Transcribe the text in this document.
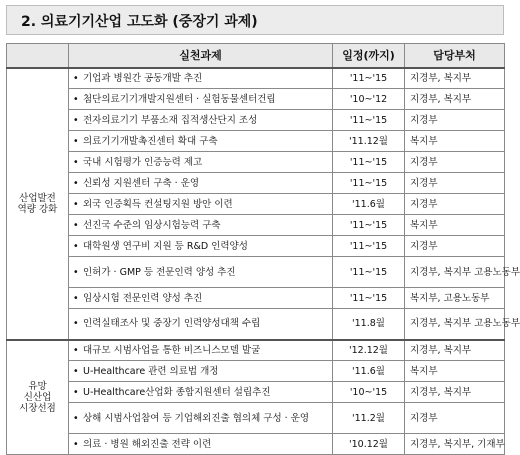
2. 의료기기산업 고도화 (중장기 과제)
	실천과제	일정(까지)	담당부처

산업발전
역량 강화	• 기업과 병원간 공동개발 추진	'11~'15	지경부, 복지부
	• 첨단의료기기개발지원센터 · 실험동물센터건립	'10~'12	지경부, 복지부
	• 전자의료기기 부품소재 집적생산단지 조성	'11~'15	지경부
	• 의료기기개발촉진센터 확대 구축	'11.12월	복지부
	• 국내 시험평가 인증능력 제고	'11~'15	지경부
	• 신뢰성 지원센터 구축 · 운영	'11~'15	지경부
	• 외국 인증획득 컨설팅지원 방안 이련	'11.6월	지경부
	• 선진국 수준의 임상시험능력 구축	'11~'15	복지부
	• 대학원생 연구비 지원 등 R&D 인력양성	'11~'15	지경부
	• 인허가 · GMP 등 전문인력 양성 추진	'11~'15	지경부, 복지부 고용노동부
	• 임상시험 전문인력 양성 추진	'11~'15	복지부, 고용노동부
	• 인력실태조사 및 중장기 인력양성대책 수립	'11.8월	지경부, 복지부 고용노동부

유망
신산업
시장선점	• 대규모 시범사업을 통한 비즈니스모델 발굴	'12.12월	지경부, 복지부
	• U-Healthcare 관련 의료법 개정	'11.6월	복지부
	• U-Healthcare산업화 종합지원센터 설립추진	'10~'15	지경부, 복지부
	• 상해 시범사업참여 등 기업해외진출 협의체 구성 · 운영	'11.2월	지경부
	• 의료 · 병원 해외진출 전략 이련	'10.12월	지경부, 복지부, 기재부
